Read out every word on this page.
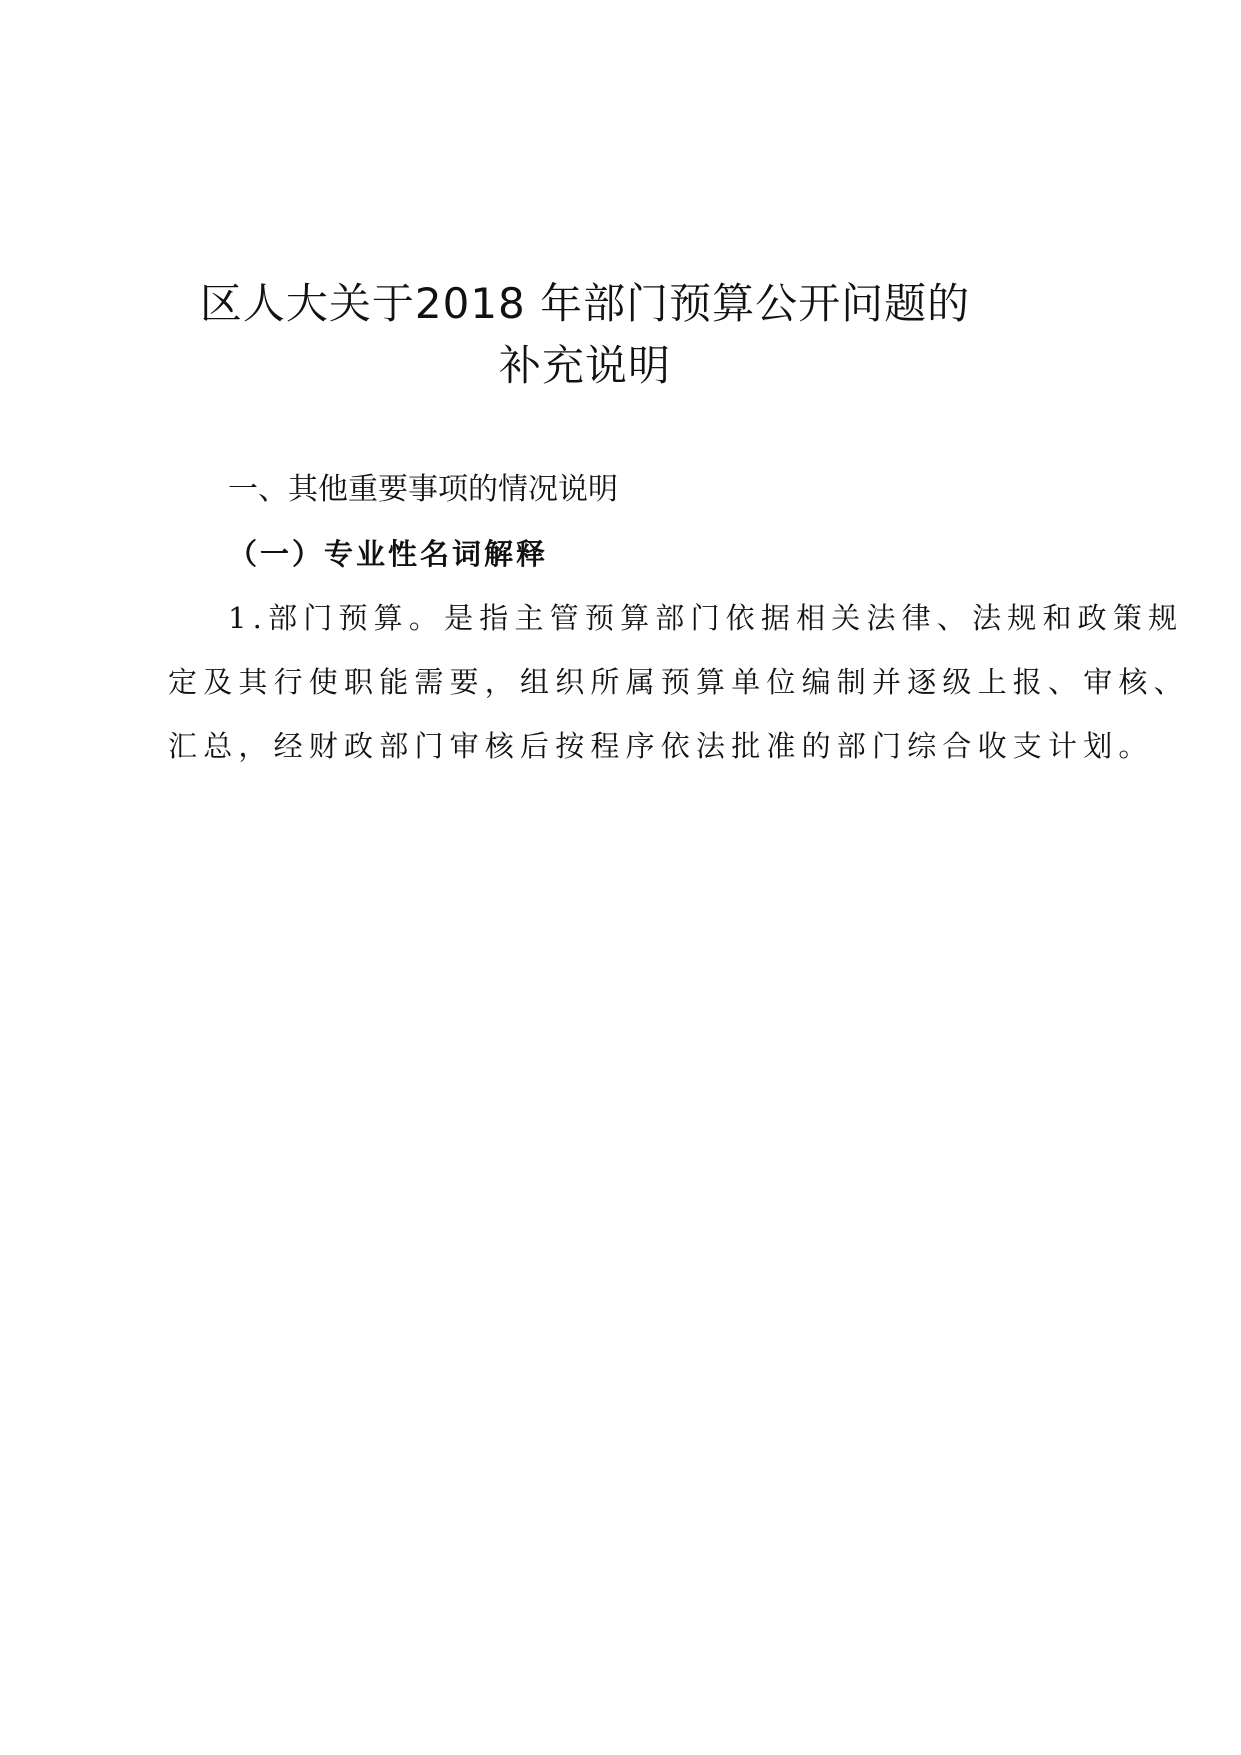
区人大关于2018 年部门预算公开问题的
补充说明
一、其他重要事项的情况说明
（一）专业性名词解释
1.部门预算。是指主管预算部门依据相关法律、法规和政策规
定及其行使职能需要，组织所属预算单位编制并逐级上报、审核、
汇总，经财政部门审核后按程序依法批准的部门综合收支计划。
